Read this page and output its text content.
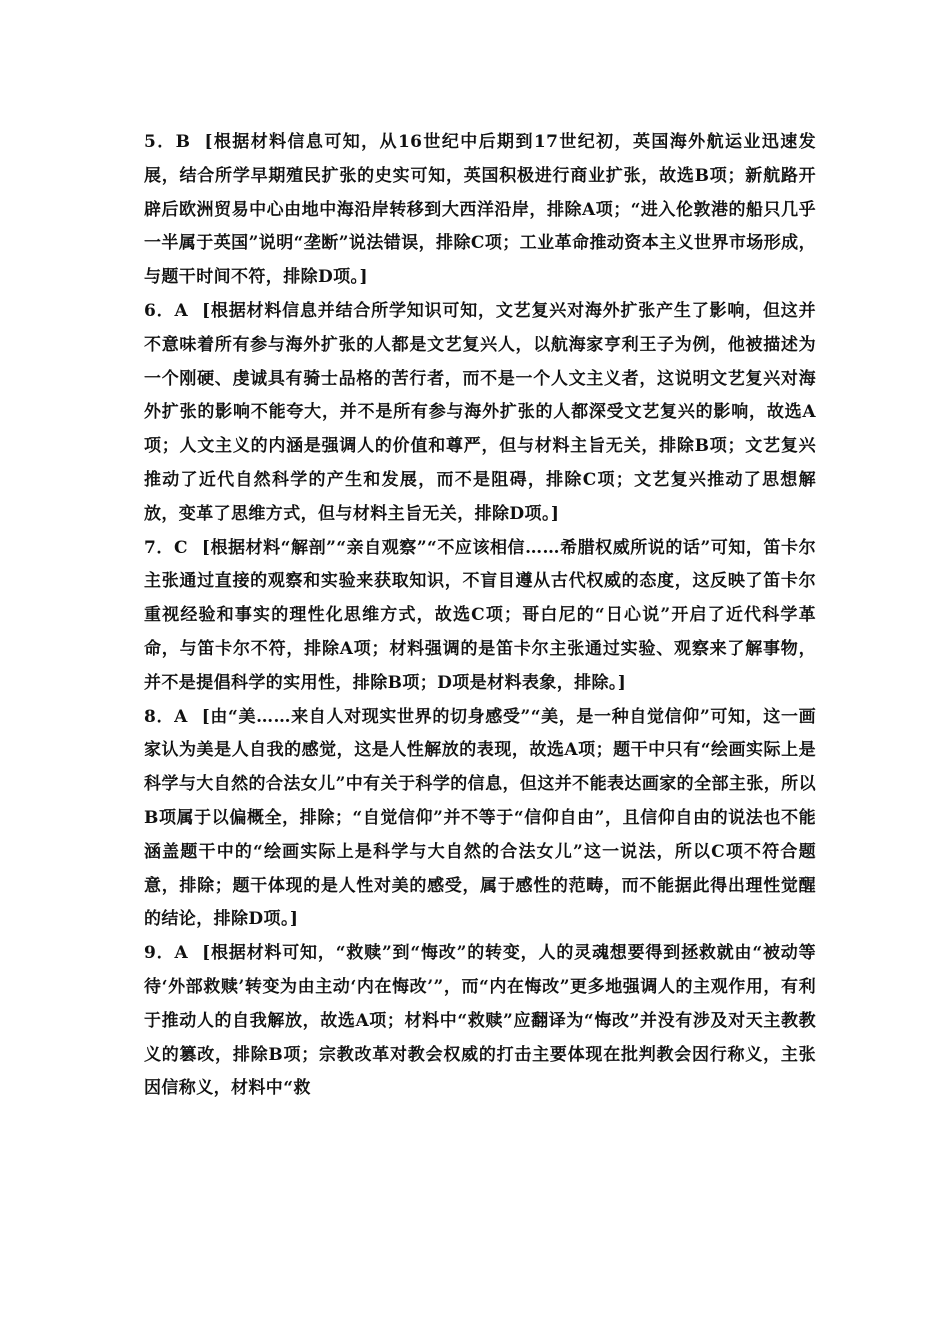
5．B [根据材料信息可知，从16世纪中后期到17世纪初，英国海外航运业迅速发展，结合所学早期殖民扩张的史实可知，英国积极进行商业扩张，故选B项；新航路开辟后欧洲贸易中心由地中海沿岸转移到大西洋沿岸，排除A项；“进入伦敦港的船只几乎一半属于英国”说明“垄断”说法错误，排除C项；工业革命推动资本主义世界市场形成，与题干时间不符，排除D项。]

6．A [根据材料信息并结合所学知识可知，文艺复兴对海外扩张产生了影响，但这并不意味着所有参与海外扩张的人都是文艺复兴人，以航海家亨利王子为例，他被描述为一个刚硬、虔诚具有骑士品格的苦行者，而不是一个人文主义者，这说明文艺复兴对海外扩张的影响不能夸大，并不是所有参与海外扩张的人都深受文艺复兴的影响，故选A项；人文主义的内涵是强调人的价值和尊严，但与材料主旨无关，排除B项；文艺复兴推动了近代自然科学的产生和发展，而不是阻碍，排除C项；文艺复兴推动了思想解放，变革了思维方式，但与材料主旨无关，排除D项。]

7．C [根据材料“解剖”“亲自观察”“不应该相信……希腊权威所说的话”可知，笛卡尔主张通过直接的观察和实验来获取知识，不盲目遵从古代权威的态度，这反映了笛卡尔重视经验和事实的理性化思维方式，故选C项；哥白尼的“日心说”开启了近代科学革命，与笛卡尔不符，排除A项；材料强调的是笛卡尔主张通过实验、观察来了解事物，并不是提倡科学的实用性，排除B项；D项是材料表象，排除。]

8．A [由“美……来自人对现实世界的切身感受”“美，是一种自觉信仰”可知，这一画家认为美是人自我的感觉，这是人性解放的表现，故选A项；题干中只有“绘画实际上是科学与大自然的合法女儿”中有关于科学的信息，但这并不能表达画家的全部主张，所以B项属于以偏概全，排除；“自觉信仰”并不等于“信仰自由”，且信仰自由的说法也不能涵盖题干中的“绘画实际上是科学与大自然的合法女儿”这一说法，所以C项不符合题意，排除；题干体现的是人性对美的感受，属于感性的范畴，而不能据此得出理性觉醒的结论，排除D项。]

9．A [根据材料可知，“救赎”到“悔改”的转变，人的灵魂想要得到拯救就由“被动等待‘外部救赎’转变为由主动‘内在悔改’”，而“内在悔改”更多地强调人的主观作用，有利于推动人的自我解放，故选A项；材料中“救赎”应翻译为“悔改”并没有涉及对天主教教义的篡改，排除B项；宗教改革对教会权威的打击主要体现在批判教会因行称义，主张因信称义，材料中“救
